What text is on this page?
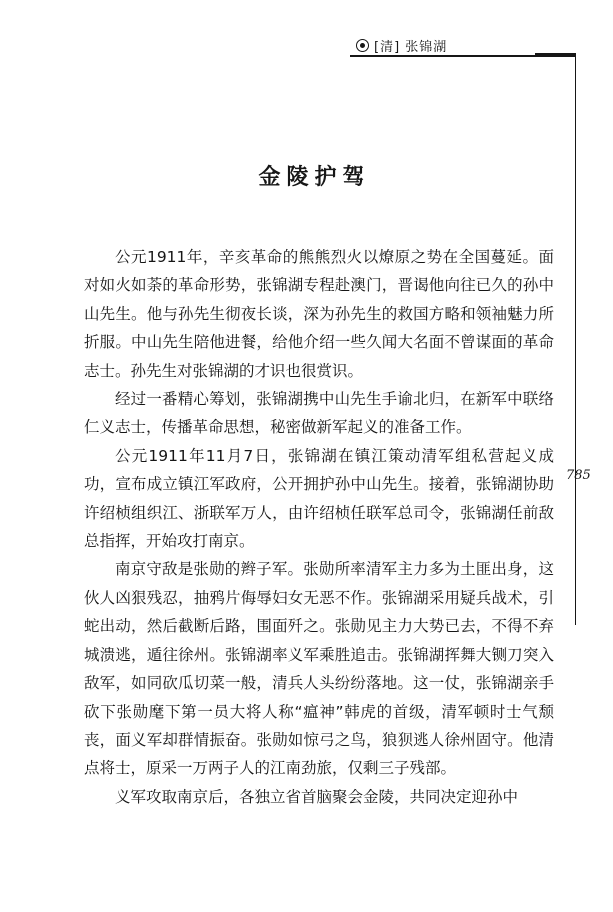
[清] 张锦湖
785
金陵护驾

公元1911年，辛亥革命的熊熊烈火以燎原之势在全国蔓延。面对如火如荼的革命形势，张锦湖专程赴澳门，晋谒他向往已久的孙中山先生。他与孙先生彻夜长谈，深为孙先生的救国方略和领袖魅力所折服。中山先生陪他进餐，给他介绍一些久闻大名面不曾谋面的革命志士。孙先生对张锦湖的才识也很赏识。

经过一番精心筹划，张锦湖携中山先生手谕北归，在新军中联络仁义志士，传播革命思想，秘密做新军起义的准备工作。

公元1911年11月7日，张锦湖在镇江策动清军组私营起义成功，宣布成立镇江军政府，公开拥护孙中山先生。接着，张锦湖协助许绍桢组织江、浙联军万人，由许绍桢任联军总司令，张锦湖任前敌总指挥，开始攻打南京。

南京守敌是张勋的辫子军。张勋所率清军主力多为土匪出身，这伙人凶狠残忍，抽鸦片侮辱妇女无恶不作。张锦湖采用疑兵战术，引蛇出动，然后截断后路，围面歼之。张勋见主力大势已去，不得不弃城溃逃，遁往徐州。张锦湖率义军乘胜追击。张锦湖挥舞大铡刀突入敌军，如同砍瓜切菜一般，清兵人头纷纷落地。这一仗，张锦湖亲手砍下张勋麾下第一员大将人称“瘟神”韩虎的首级，清军顿时士气颓丧，面义军却群情振奋。张勋如惊弓之鸟，狼狈逃人徐州固守。他清点将士，原采一万两子人的江南劲旅，仅剩三子残部。

义军攻取南京后，各独立省首脑聚会金陵，共同决定迎孙中
